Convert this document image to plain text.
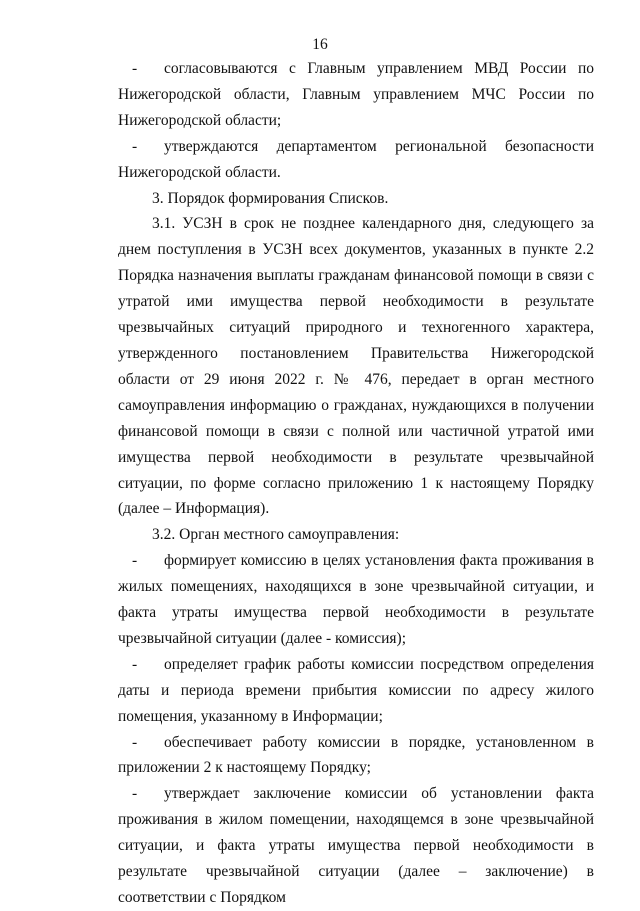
16

- согласовываются с Главным управлением МВД России по Нижегородской области, Главным управлением МЧС России по Нижегородской области;

- утверждаются департаментом региональной безопасности Нижегородской области.

3. Порядок формирования Списков.

3.1. УСЗН в срок не позднее календарного дня, следующего за днем поступления в УСЗН всех документов, указанных в пункте 2.2 Порядка назначения выплаты гражданам финансовой помощи в связи с утратой ими имущества первой необходимости в результате чрезвычайных ситуаций природного и техногенного характера, утвержденного постановлением Правительства Нижегородской области от 29 июня 2022 г. № 476, передает в орган местного самоуправления информацию о гражданах, нуждающихся в получении финансовой помощи в связи с полной или частичной утратой ими имущества первой необходимости в результате чрезвычайной ситуации, по форме согласно приложению 1 к настоящему Порядку (далее – Информация).

3.2. Орган местного самоуправления:

- формирует комиссию в целях установления факта проживания в жилых помещениях, находящихся в зоне чрезвычайной ситуации, и факта утраты имущества первой необходимости в результате чрезвычайной ситуации (далее - комиссия);

- определяет график работы комиссии посредством определения даты и периода времени прибытия комиссии по адресу жилого помещения, указанному в Информации;

- обеспечивает работу комиссии в порядке, установленном в приложении 2 к настоящему Порядку;

- утверждает заключение комиссии об установлении факта проживания в жилом помещении, находящемся в зоне чрезвычайной ситуации, и факта утраты имущества первой необходимости в результате чрезвычайной ситуации (далее – заключение) в соответствии с Порядком
